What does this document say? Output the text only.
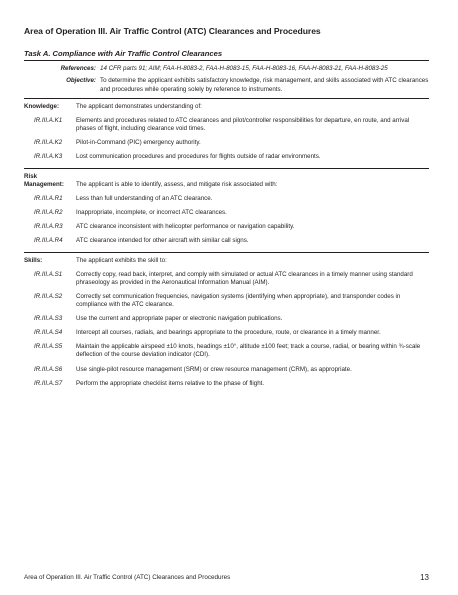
Area of Operation III. Air Traffic Control (ATC) Clearances and Procedures
Task A. Compliance with Air Traffic Control Clearances
References: 14 CFR parts 91; AIM; FAA-H-8083-2, FAA-H-8083-15, FAA-H-8083-16, FAA-H-8083-21, FAA-H-8083-25
Objective: To determine the applicant exhibits satisfactory knowledge, risk management, and skills associated with ATC clearances and procedures while operating solely by reference to instruments.
Knowledge:	The applicant demonstrates understanding of:
IR.III.A.K1	Elements and procedures related to ATC clearances and pilot/controller responsibilities for departure, en route, and arrival phases of flight, including clearance void times.
IR.III.A.K2	Pilot-in-Command (PIC) emergency authority.
IR.III.A.K3	Lost communication procedures and procedures for flights outside of radar environments.
Risk
Management:	The applicant is able to identify, assess, and mitigate risk associated with:
IR.III.A.R1	Less than full understanding of an ATC clearance.
IR.III.A.R2	Inappropriate, incomplete, or incorrect ATC clearances.
IR.III.A.R3	ATC clearance inconsistent with helicopter performance or navigation capability.
IR.III.A.R4	ATC clearance intended for other aircraft with similar call signs.
Skills:	The applicant exhibits the skill to:
IR.III.A.S1	Correctly copy, read back, interpret, and comply with simulated or actual ATC clearances in a timely manner using standard phraseology as provided in the Aeronautical Information Manual (AIM).
IR.III.A.S2	Correctly set communication frequencies, navigation systems (identifying when appropriate), and transponder codes in compliance with the ATC clearance.
IR.III.A.S3	Use the current and appropriate paper or electronic navigation publications.
IR.III.A.S4	Intercept all courses, radials, and bearings appropriate to the procedure, route, or clearance in a timely manner.
IR.III.A.S5	Maintain the applicable airspeed ±10 knots, headings ±10°, altitude ±100 feet; track a course, radial, or bearing within ¾-scale deflection of the course deviation indicator (CDI).
IR.III.A.S6	Use single-pilot resource management (SRM) or crew resource management (CRM), as appropriate.
IR.III.A.S7	Perform the appropriate checklist items relative to the phase of flight.
Area of Operation III. Air Traffic Control (ATC) Clearances and Procedures	13
